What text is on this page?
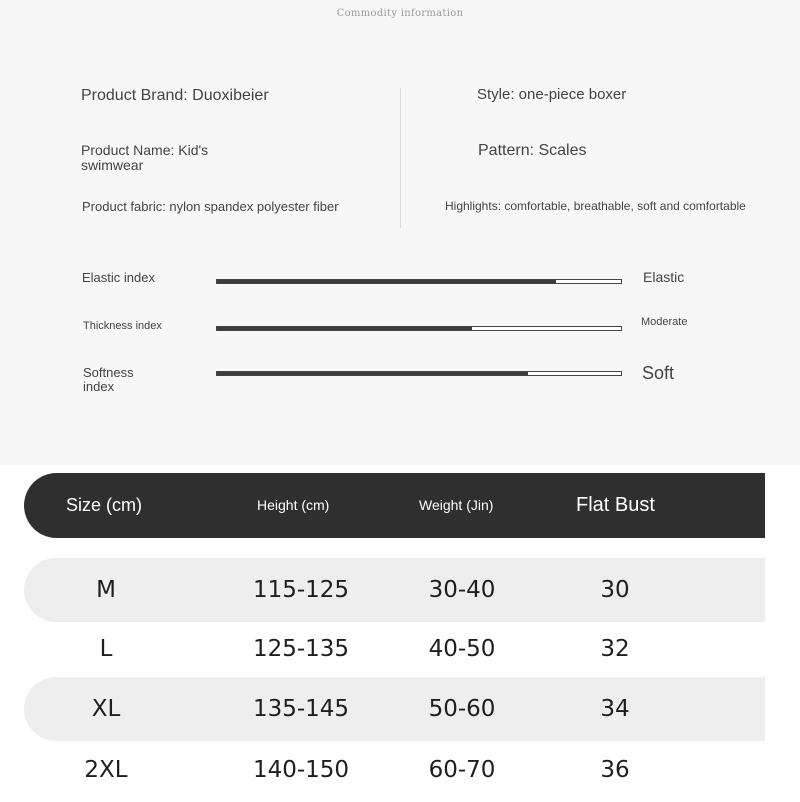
Commodity information
Product Brand: Duoxibeier
Product Name: Kid's
swimwear
Product fabric: nylon spandex polyester fiber
Style: one-piece boxer
Pattern: Scales
Highlights: comfortable, breathable, soft and comfortable
Elastic index	Elastic
Thickness index	Moderate
Softness
index
Soft
Size (cm)	Height (cm)	Weight (Jin)	Flat Bust
M	115-125	30-40	30
L	125-135	40-50	32
XL	135-145	50-60	34
2XL	140-150	60-70	36
